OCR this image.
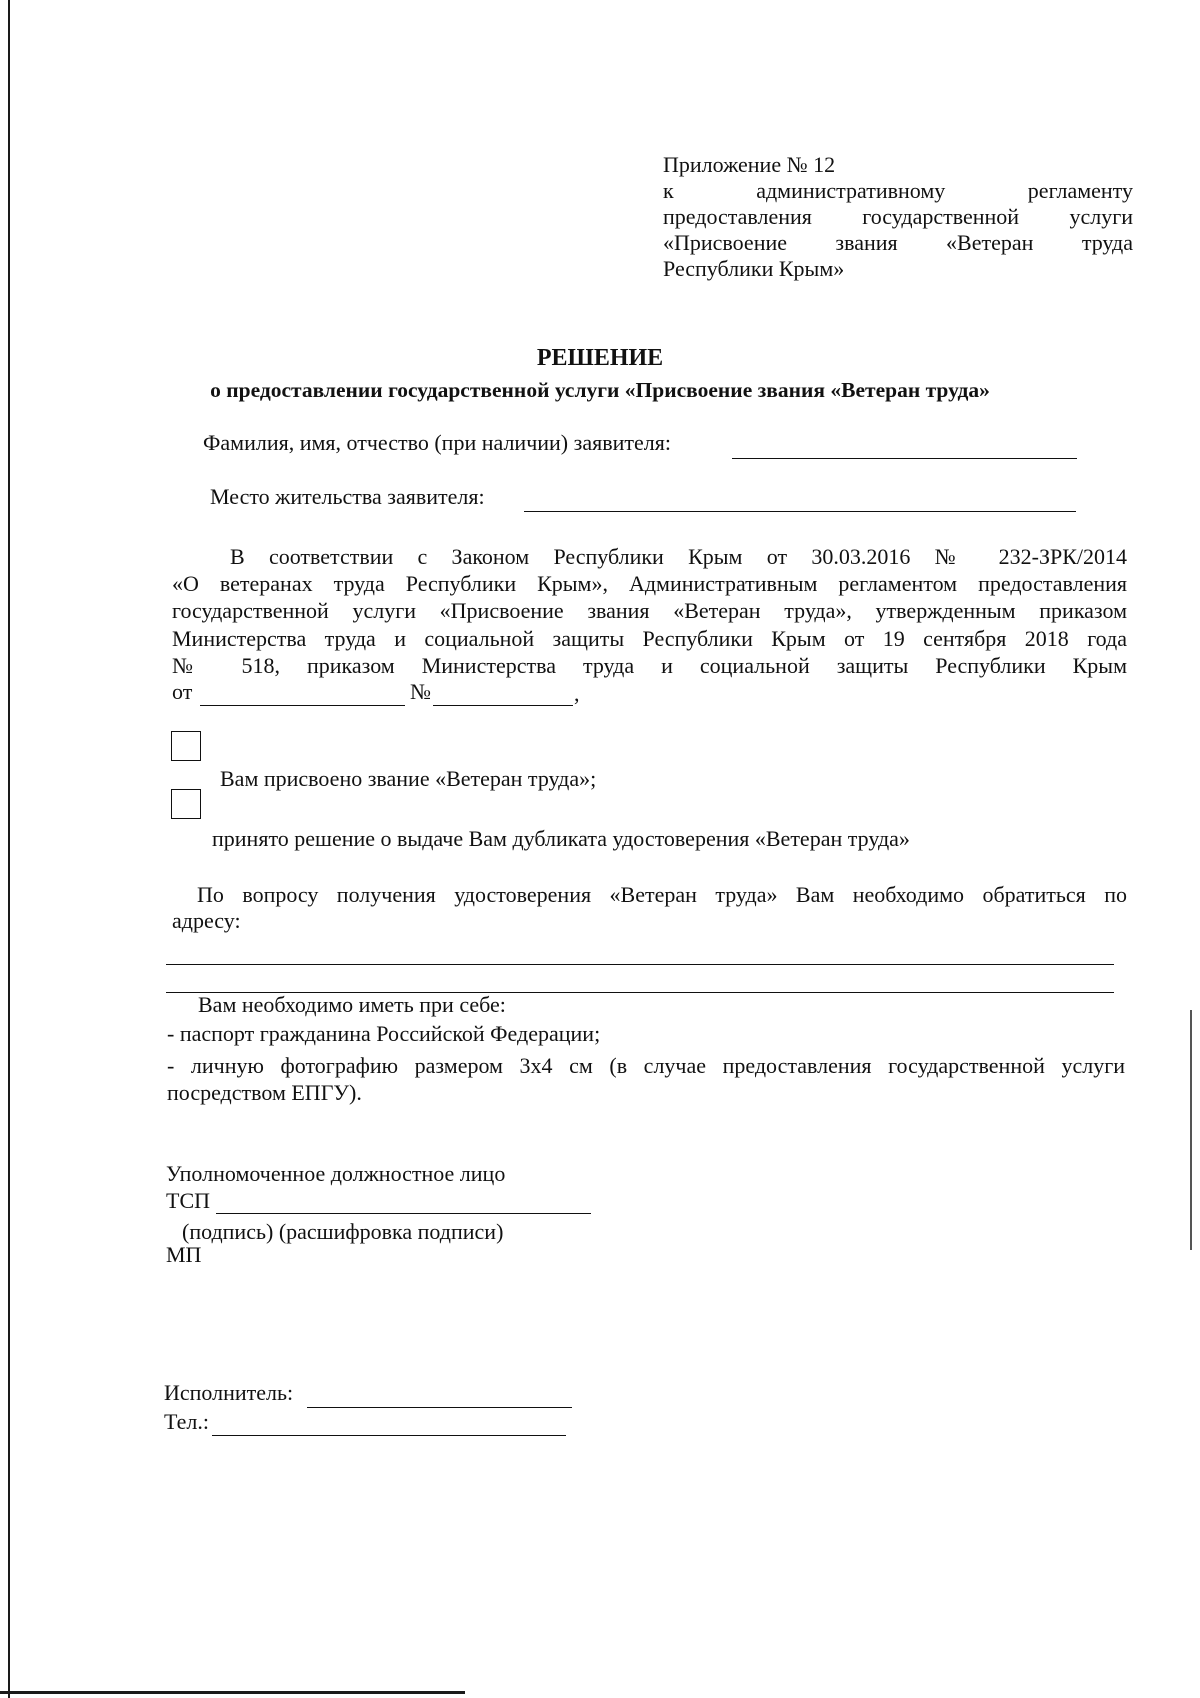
Приложение № 12
к административному регламенту
предоставления государственной услуги
«Присвоение звания «Ветеран труда
Республики Крым»
РЕШЕНИЕ
о предоставлении государственной услуги «Присвоение звания «Ветеран труда»
Фамилия, имя, отчество (при наличии) заявителя:
Место жительства заявителя:
В соответствии с Законом Республики Крым от 30.03.2016 № 232-ЗРК/2014
«О ветеранах труда Республики Крым», Административным регламентом предоставления
государственной услуги «Присвоение звания «Ветеран труда», утвержденным приказом
Министерства труда и социальной защиты Республики Крым от 19 сентября 2018 года
№ 518, приказом Министерства труда и социальной защиты Республики Крым
от	№	,
Вам присвоено звание «Ветеран труда»;
принято решение о выдаче Вам дубликата удостоверения «Ветеран труда»
По вопросу получения удостоверения «Ветеран труда» Вам необходимо обратиться по
адресу:
Вам необходимо иметь при себе:
- паспорт гражданина Российской Федерации;
- личную фотографию размером 3х4 см (в случае предоставления государственной услуги
посредством ЕПГУ).
Уполномоченное должностное лицо
ТСП
(подпись) (расшифровка подписи)
МП
Исполнитель:
Тел.:
